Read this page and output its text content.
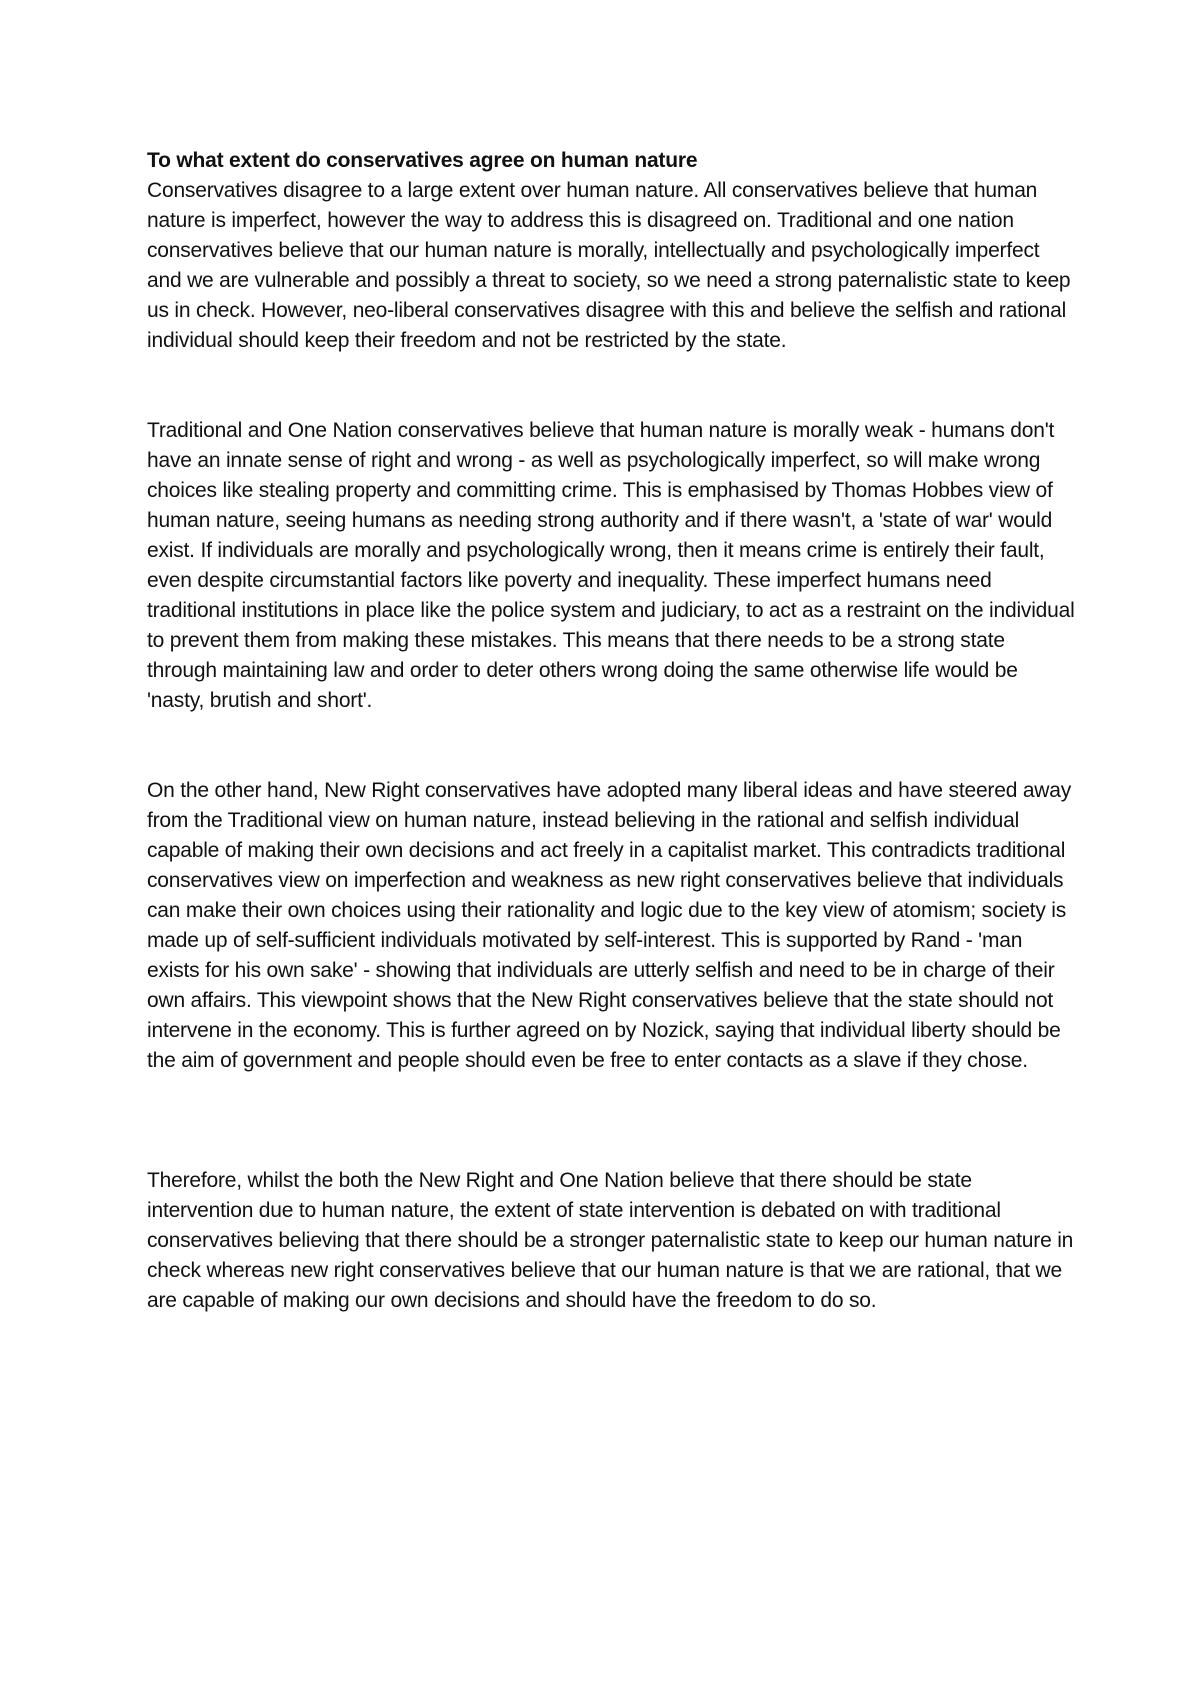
To what extent do conservatives agree on human nature

Conservatives disagree to a large extent over human nature. All conservatives believe that human nature is imperfect, however the way to address this is disagreed on. Traditional and one nation conservatives believe that our human nature is morally, intellectually and psychologically imperfect and we are vulnerable and possibly a threat to society, so we need a strong paternalistic state to keep us in check. However, neo-liberal conservatives disagree with this and believe the selfish and rational individual should keep their freedom and not be restricted by the state.

Traditional and One Nation conservatives believe that human nature is morally weak - humans don't have an innate sense of right and wrong - as well as psychologically imperfect, so will make wrong choices like stealing property and committing crime. This is emphasised by Thomas Hobbes view of human nature, seeing humans as needing strong authority and if there wasn't, a 'state of war' would exist. If individuals are morally and psychologically wrong, then it means crime is entirely their fault, even despite circumstantial factors like poverty and inequality. These imperfect humans need traditional institutions in place like the police system and judiciary, to act as a restraint on the individual to prevent them from making these mistakes. This means that there needs to be a strong state through maintaining law and order to deter others wrong doing the same otherwise life would be 'nasty, brutish and short'.

On the other hand, New Right conservatives have adopted many liberal ideas and have steered away from the Traditional view on human nature, instead believing in the rational and selfish individual capable of making their own decisions and act freely in a capitalist market. This contradicts traditional conservatives view on imperfection and weakness as new right conservatives believe that individuals can make their own choices using their rationality and logic due to the key view of atomism; society is made up of self-sufficient individuals motivated by self-interest. This is supported by Rand - 'man exists for his own sake' - showing that individuals are utterly selfish and need to be in charge of their own affairs. This viewpoint shows that the New Right conservatives believe that the state should not intervene in the economy. This is further agreed on by Nozick, saying that individual liberty should be the aim of government and people should even be free to enter contacts as a slave if they chose.

Therefore, whilst the both the New Right and One Nation believe that there should be state intervention due to human nature, the extent of state intervention is debated on with traditional conservatives believing that there should be a stronger paternalistic state to keep our human nature in check whereas new right conservatives believe that our human nature is that we are rational, that we are capable of making our own decisions and should have the freedom to do so.
